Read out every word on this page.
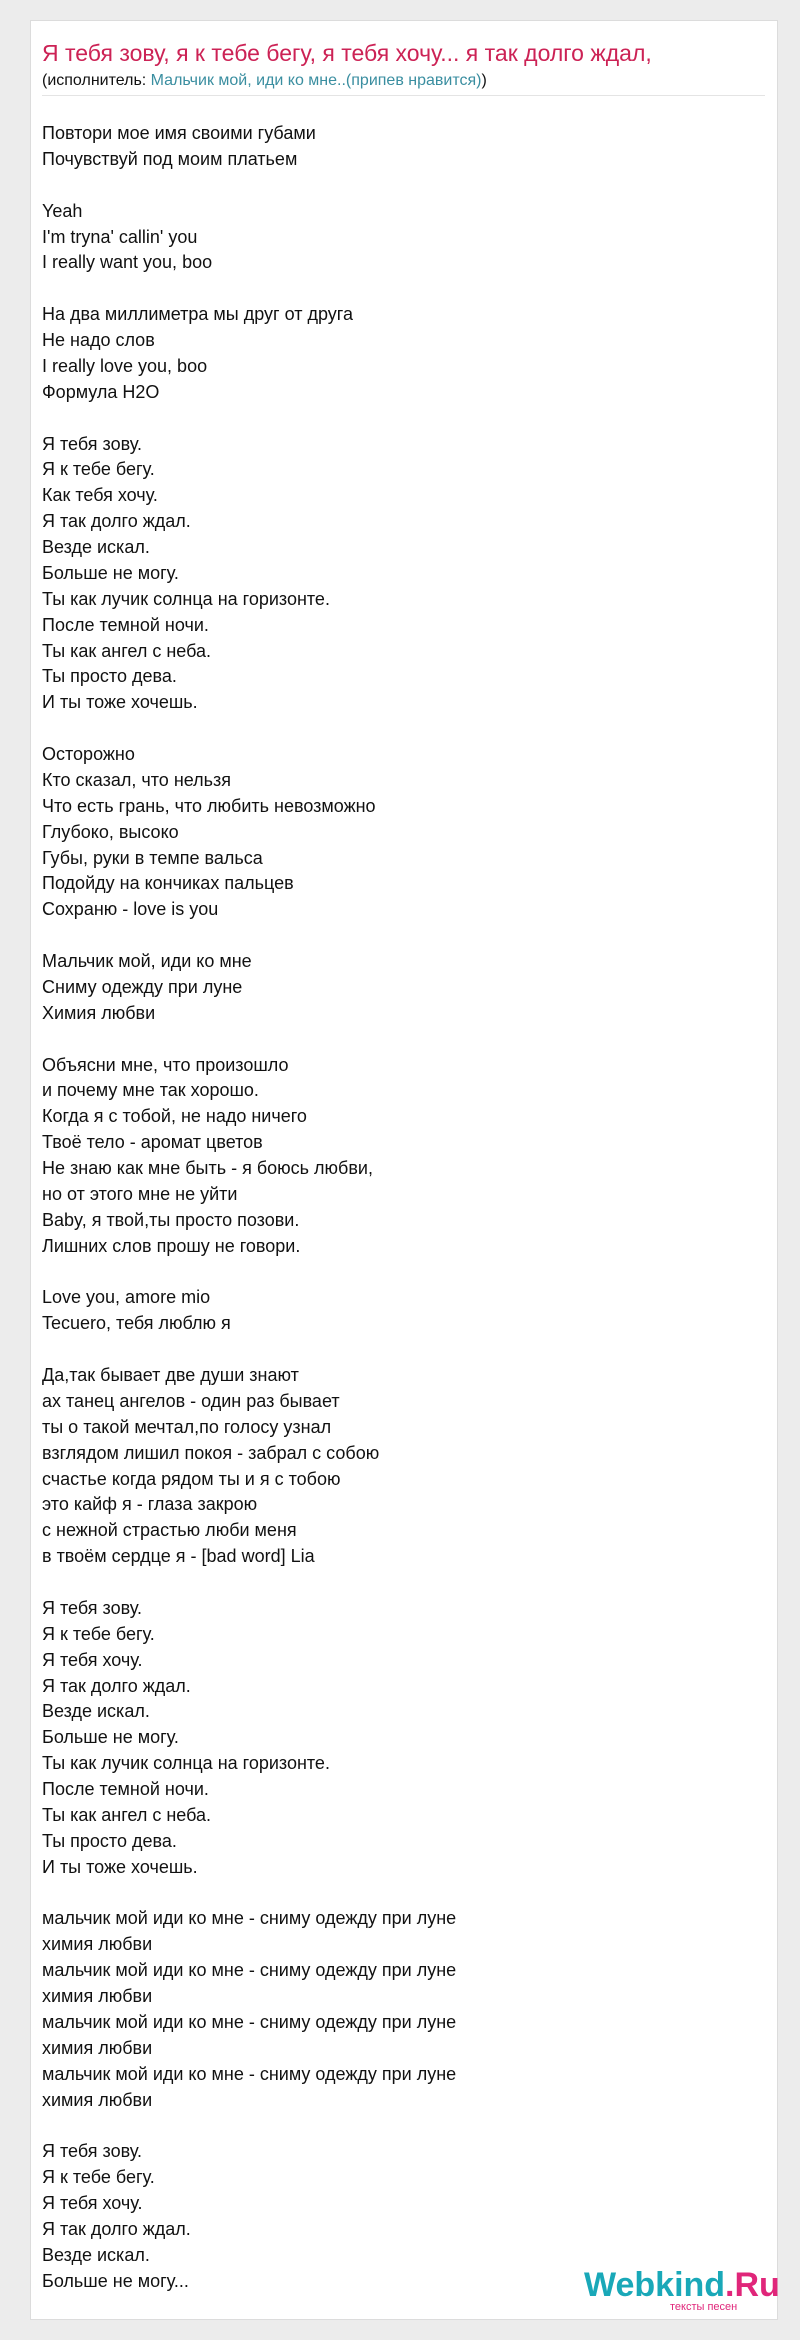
Я тебя зову, я к тебе бегу, я тебя хочу... я так долго ждал,
(исполнитель: Мальчик мой, иди ко мне..(припев нравится))
Повтори мое имя своими губами
Почувствуй под моим платьем

Yeah
I'm tryna' callin' you
I really want you, boo

На два миллиметра мы друг от друга
Не надо слов
I really love you, boo
Формула H2O

Я тебя зову.
Я к тебе бегу.
Как тебя хочу.
Я так долго ждал.
Везде искал.
Больше не могу.
Ты как лучик солнца на горизонте.
После темной ночи.
Ты как ангел с неба.
Ты просто дева.
И ты тоже хочешь.

Осторожно
Кто сказал, что нельзя
Что есть грань, что любить невозможно
Глубоко, высоко
Губы, руки в темпе вальса
Подойду на кончиках пальцев
Сохраню - love is you

Мальчик мой, иди ко мне
Сниму одежду при луне
Химия любви

Объясни мне, что произошло
и почему мне так хорошо.
Когда я с тобой, не надо ничего
Твоё тело - аромат цветов
Не знаю как мне быть - я боюсь любви,
но от этого мне не уйти
Baby, я твой,ты просто позови.
Лишних слов прошу не говори.

Love you, amore mio
Tecuero, тебя люблю я

Да,так бывает две души знают
ах танец ангелов - один раз бывает
ты о такой мечтал,по голосу узнал
взглядом лишил покоя - забрал с собою
счастье когда рядом ты и я с тобою
это кайф я - глаза закрою
с нежной страстью люби меня
в твоём сердце я - [bad word] Lia

Я тебя зову.
Я к тебе бегу.
Я тебя хочу.
Я так долго ждал.
Везде искал.
Больше не могу.
Ты как лучик солнца на горизонте.
После темной ночи.
Ты как ангел с неба.
Ты просто дева.
И ты тоже хочешь.

мальчик мой иди ко мне - сниму одежду при луне
химия любви
мальчик мой иди ко мне - сниму одежду при луне
химия любви
мальчик мой иди ко мне - сниму одежду при луне
химия любви
мальчик мой иди ко мне - сниму одежду при луне
химия любви

Я тебя зову.
Я к тебе бегу.
Я тебя хочу.
Я так долго ждал.
Везде искал.
Больше не могу...	Webkind.Ru
тексты песен
